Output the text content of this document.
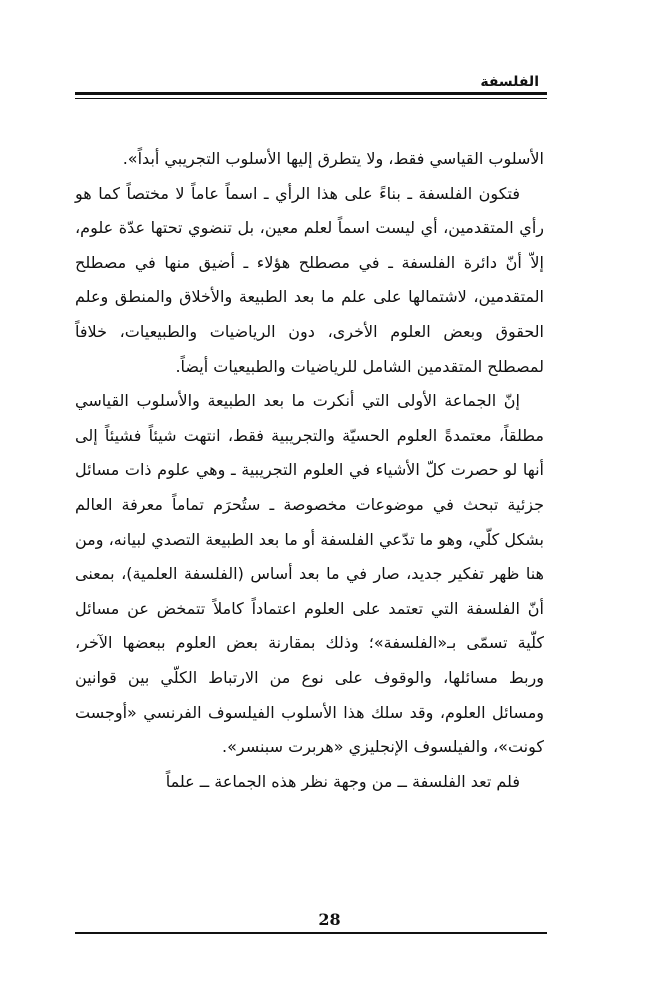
الفلسفة

الأسلوب القياسي فقط، ولا يتطرق إليها الأسلوب التجريبي أبداً».

فتكون الفلسفة ـ بناءً على هذا الرأي ـ اسماً عاماً لا مختصاً كما هو رأي المتقدمين، أي ليست اسماً لعلم معين، بل تنضوي تحتها عدّة علوم، إلاّ أنّ دائرة الفلسفة ـ في مصطلح هؤلاء ـ أضيق منها في مصطلح المتقدمين، لاشتمالها على علم ما بعد الطبيعة والأخلاق والمنطق وعلم الحقوق وبعض العلوم الأخرى، دون الرياضيات والطبيعيات، خلافاً لمصطلح المتقدمين الشامل للرياضيات والطبيعيات أيضاً.

إنّ الجماعة الأولى التي أنكرت ما بعد الطبيعة والأسلوب القياسي مطلقاً، معتمدةً العلوم الحسيّة والتجريبية فقط، انتهت شيئاً فشيئاً إلى أنها لو حصرت كلّ الأشياء في العلوم التجريبية ـ وهي علوم ذات مسائل جزئية تبحث في موضوعات مخصوصة ـ ستُحرَم تماماً معرفة العالم بشكل كلّي، وهو ما تدّعي الفلسفة أو ما بعد الطبيعة التصدي لبيانه، ومن هنا ظهر تفكير جديد، صار في ما بعد أساس (الفلسفة العلمية)، بمعنى أنّ الفلسفة التي تعتمد على العلوم اعتماداً كاملاً تتمخض عن مسائل كلّية تسمّى بـ«الفلسفة»؛ وذلك بمقارنة بعض العلوم ببعضها الآخر، وربط مسائلها، والوقوف على نوع من الارتباط الكلّي بين قوانين ومسائل العلوم، وقد سلك هذا الأسلوب الفيلسوف الفرنسي «أوجست كونت»، والفيلسوف الإنجليزي «هربرت سبنسر».

فلم تعد الفلسفة ــ من وجهة نظر هذه الجماعة ــ علماً

28
